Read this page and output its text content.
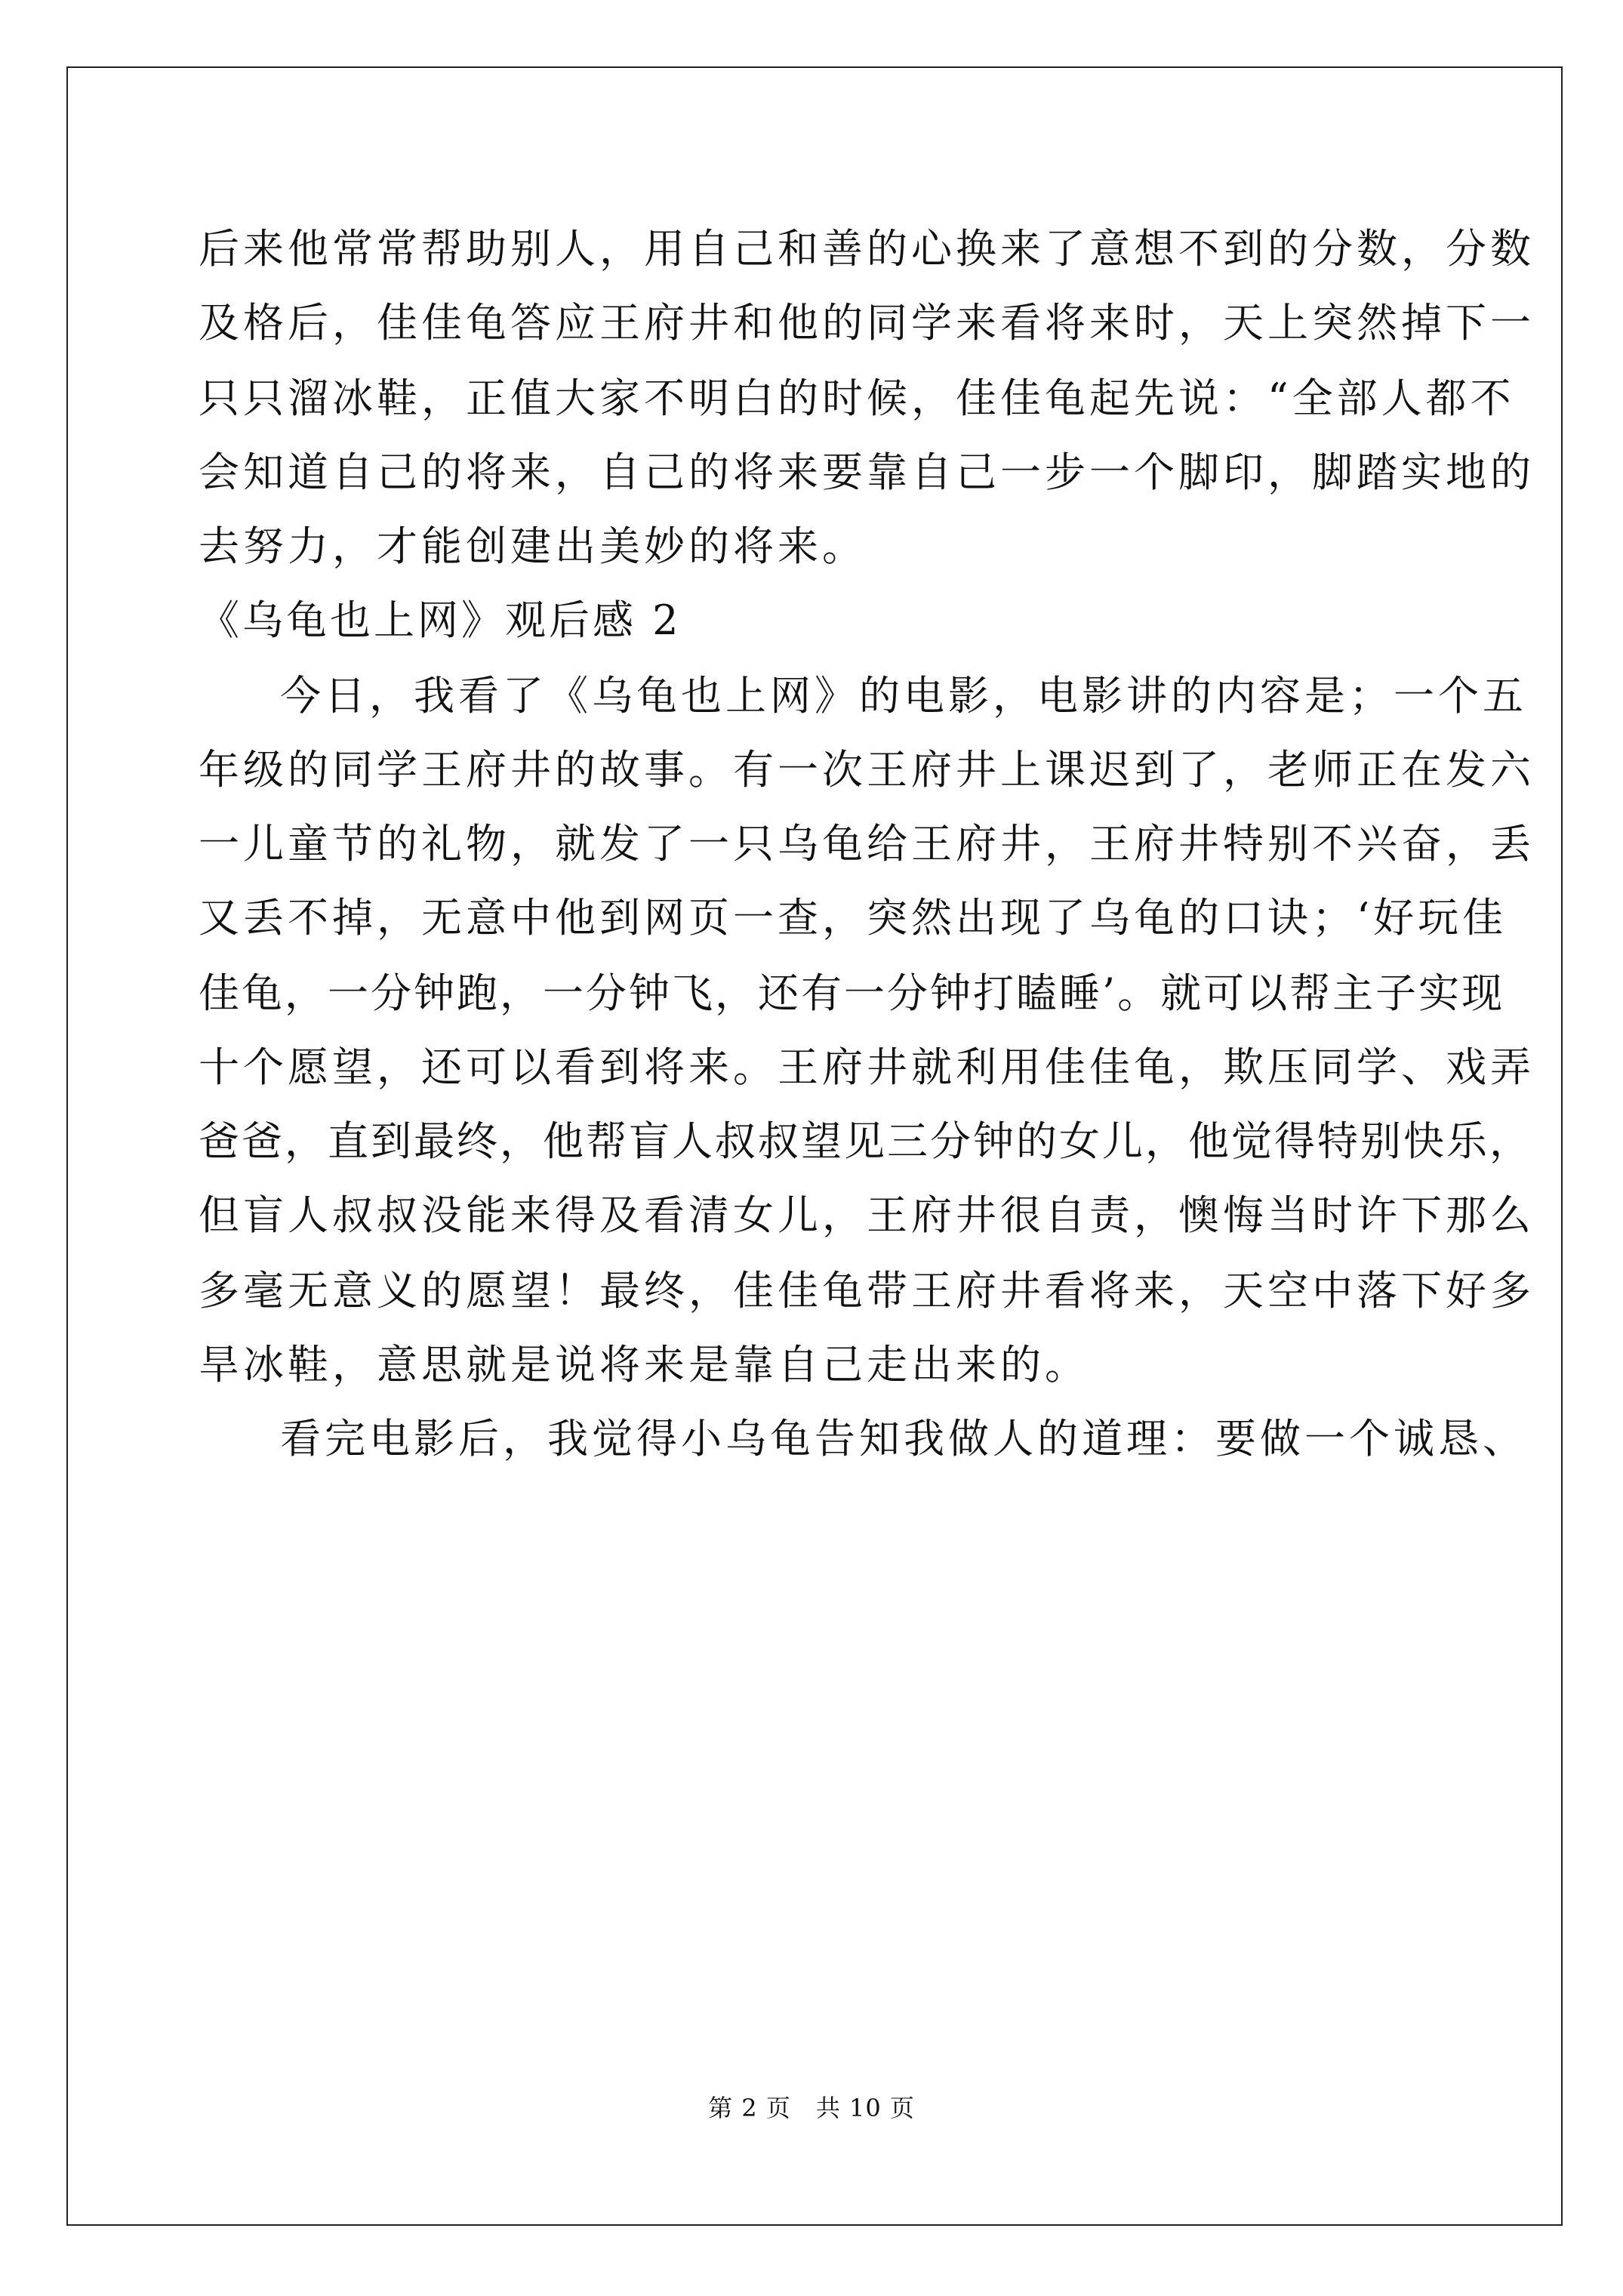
后来他常常帮助别人，用自己和善的心换来了意想不到的分数，分数
及格后，佳佳龟答应王府井和他的同学来看将来时，天上突然掉下一
只只溜冰鞋，正值大家不明白的时候，佳佳龟起先说：“全部人都不
会知道自己的将来，自己的将来要靠自己一步一个脚印，脚踏实地的
去努力，才能创建出美妙的将来。
《乌龟也上网》观后感 2
今日，我看了《乌龟也上网》的电影，电影讲的内容是；一个五
年级的同学王府井的故事。有一次王府井上课迟到了，老师正在发六
一儿童节的礼物，就发了一只乌龟给王府井，王府井特别不兴奋，丢
又丢不掉，无意中他到网页一查，突然出现了乌龟的口诀；‘好玩佳
佳龟，一分钟跑，一分钟飞，还有一分钟打瞌睡’。就可以帮主子实现
十个愿望，还可以看到将来。王府井就利用佳佳龟，欺压同学、戏弄
爸爸，直到最终，他帮盲人叔叔望见三分钟的女儿，他觉得特别快乐，
但盲人叔叔没能来得及看清女儿，王府井很自责，懊悔当时许下那么
多毫无意义的愿望！最终，佳佳龟带王府井看将来，天空中落下好多
旱冰鞋，意思就是说将来是靠自己走出来的。
看完电影后，我觉得小乌龟告知我做人的道理：要做一个诚恳、
第 2 页　共 10 页
